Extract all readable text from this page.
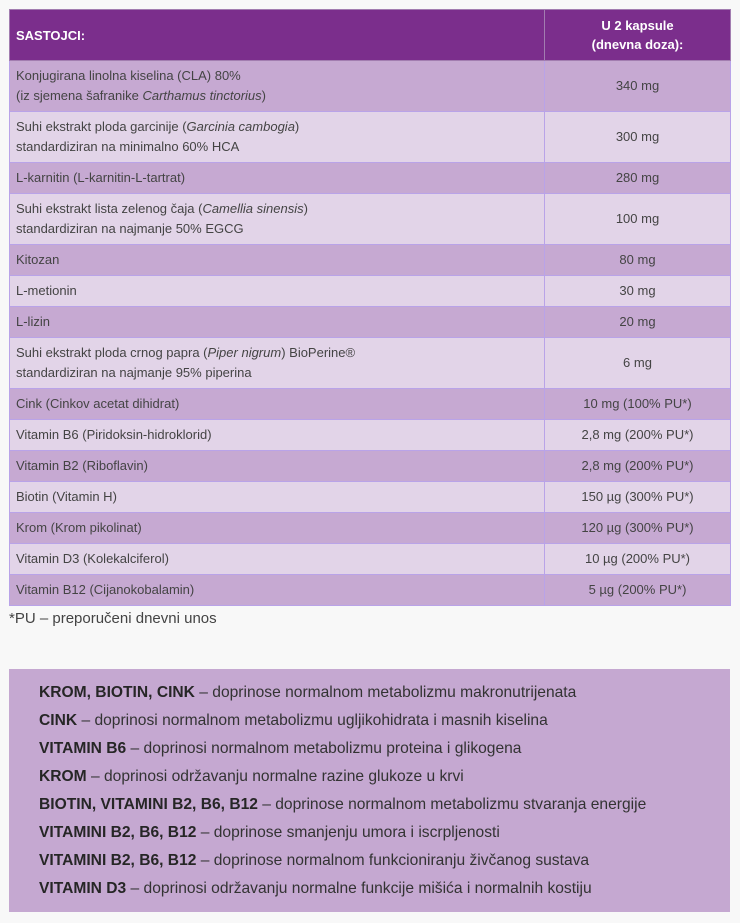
SASTOJCI:	U 2 kapsule
(dnevna doza):

Konjugirana linolna kiselina (CLA) 80%
(iz sjemena šafranike Carthamus tinctorius)	340 mg

Suhi ekstrakt ploda garcinije (Garcinia cambogia)
standardiziran na minimalno 60% HCA	300 mg
L-karnitin (L-karnitin-L-tartrat)	280 mg

Suhi ekstrakt lista zelenog čaja (Camellia sinensis)
standardiziran na najmanje 50% EGCG	100 mg
Kitozan	80 mg
L-metionin	30 mg
L-lizin	20 mg

Suhi ekstrakt ploda crnog papra (Piper nigrum) BioPerine®
standardiziran na najmanje 95% piperina	6 mg
Cink (Cinkov acetat dihidrat)	10 mg (100% PU*)
Vitamin B6 (Piridoksin-hidroklorid)	2,8 mg (200% PU*)
Vitamin B2 (Riboflavin)	2,8 mg (200% PU*)
Biotin (Vitamin H)	150 µg (300% PU*)
Krom (Krom pikolinat)	120 µg (300% PU*)
Vitamin D3 (Kolekalciferol)	10 µg (200% PU*)
Vitamin B12 (Cijanokobalamin)	5 µg (200% PU*)
*PU – preporučeni dnevni unos
KROM, BIOTIN, CINK – doprinose normalnom metabolizmu makronutrijenata
CINK – doprinosi normalnom metabolizmu ugljikohidrata i masnih kiselina
VITAMIN B6 – doprinosi normalnom metabolizmu proteina i glikogena
KROM – doprinosi održavanju normalne razine glukoze u krvi
BIOTIN, VITAMINI B2, B6, B12 – doprinose normalnom metabolizmu stvaranja energije
VITAMINI B2, B6, B12 – doprinose smanjenju umora i iscrpljenosti
VITAMINI B2, B6, B12 – doprinose normalnom funkcioniranju živčanog sustava
VITAMIN D3 – doprinosi održavanju normalne funkcije mišića i normalnih kostiju
